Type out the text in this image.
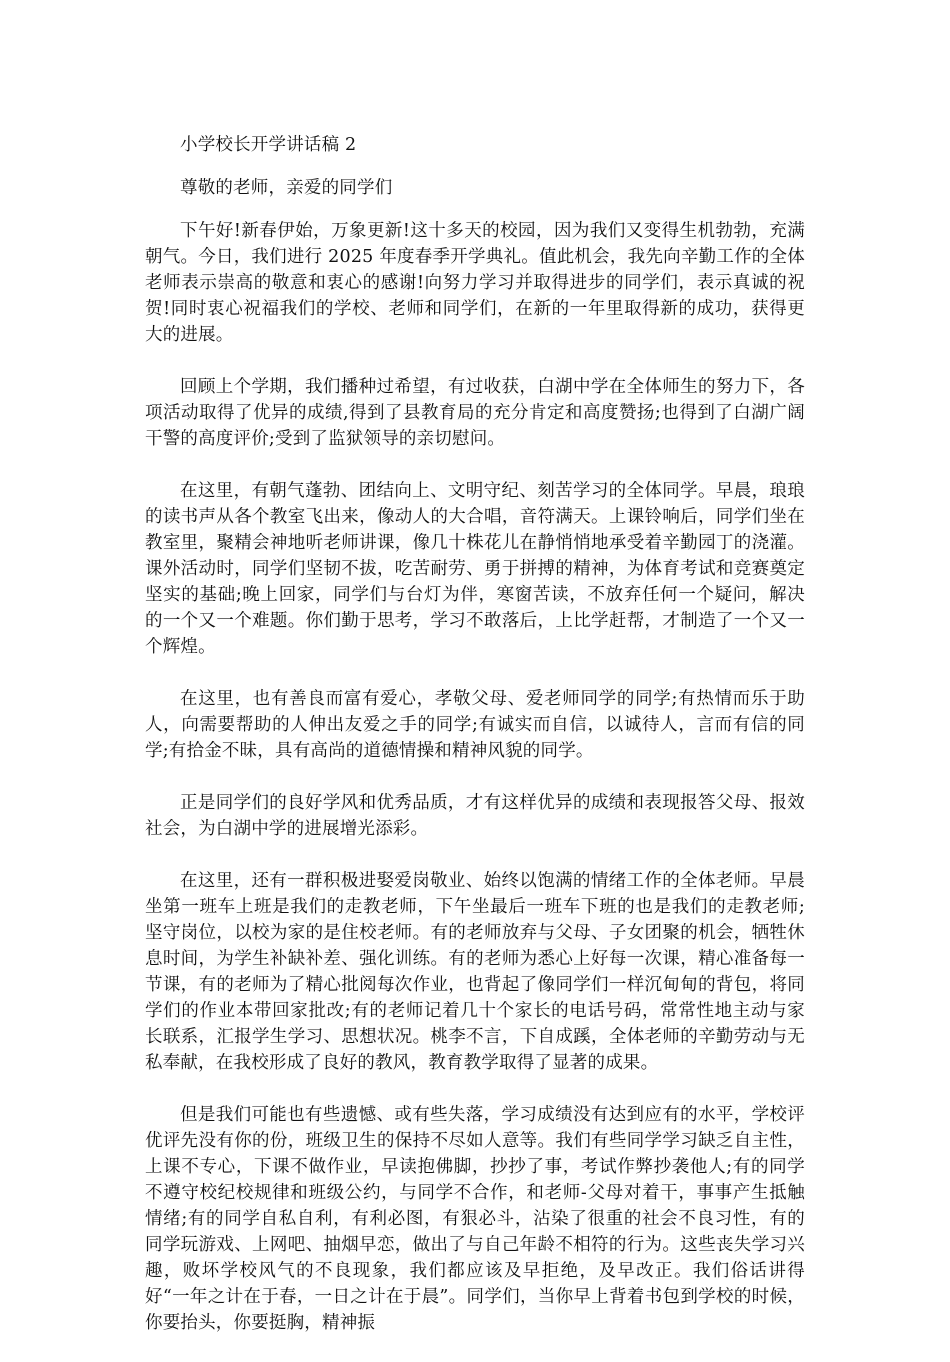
小学校长开学讲话稿 2

尊敬的老师，亲爱的同学们

下午好!新春伊始，万象更新!这十多天的校园，因为我们又变得生机勃勃，充满朝气。今日，我们进行 2025 年度春季开学典礼。值此机会，我先向辛勤工作的全体老师表示崇高的敬意和衷心的感谢!向努力学习并取得进步的同学们，表示真诚的祝贺!同时衷心祝福我们的学校、老师和同学们，在新的一年里取得新的成功，获得更大的进展。

回顾上个学期，我们播种过希望，有过收获，白湖中学在全体师生的努力下，各项活动取得了优异的成绩,得到了县教育局的充分肯定和高度赞扬;也得到了白湖广阔干警的高度评价;受到了监狱领导的亲切慰问。

在这里，有朝气蓬勃、团结向上、文明守纪、刻苦学习的全体同学。早晨，琅琅的读书声从各个教室飞出来，像动人的大合唱，音符满天。上课铃响后，同学们坐在教室里，聚精会神地听老师讲课，像几十株花儿在静悄悄地承受着辛勤园丁的浇灌。课外活动时，同学们坚韧不拔，吃苦耐劳、勇于拼搏的精神，为体育考试和竞赛奠定坚实的基础;晚上回家，同学们与台灯为伴，寒窗苦读，不放弃任何一个疑问，解决的一个又一个难题。你们勤于思考，学习不敢落后，上比学赶帮，才制造了一个又一个辉煌。

在这里，也有善良而富有爱心，孝敬父母、爱老师同学的同学;有热情而乐于助人，向需要帮助的人伸出友爱之手的同学;有诚实而自信，以诚待人，言而有信的同学;有拾金不昧，具有高尚的道德情操和精神风貌的同学。

正是同学们的良好学风和优秀品质，才有这样优异的成绩和表现报答父母、报效社会，为白湖中学的进展增光添彩。

在这里，还有一群积极进娶爱岗敬业、始终以饱满的情绪工作的全体老师。早晨坐第一班车上班是我们的走教老师，下午坐最后一班车下班的也是我们的走教老师;坚守岗位，以校为家的是住校老师。有的老师放弃与父母、子女团聚的机会，牺牲休息时间，为学生补缺补差、强化训练。有的老师为悉心上好每一次课，精心准备每一节课，有的老师为了精心批阅每次作业，也背起了像同学们一样沉甸甸的背包，将同学们的作业本带回家批改;有的老师记着几十个家长的电话号码，常常性地主动与家长联系，汇报学生学习、思想状况。桃李不言，下自成蹊，全体老师的辛勤劳动与无私奉献，在我校形成了良好的教风，教育教学取得了显著的成果。

但是我们可能也有些遗憾、或有些失落，学习成绩没有达到应有的水平，学校评优评先没有你的份，班级卫生的保持不尽如人意等。我们有些同学学习缺乏自主性，上课不专心，下课不做作业，早读抱佛脚，抄抄了事，考试作弊抄袭他人;有的同学不遵守校纪校规律和班级公约，与同学不合作，和老师-父母对着干，事事产生抵触情绪;有的同学自私自利，有利必图，有狠必斗，沾染了很重的社会不良习性，有的同学玩游戏、上网吧、抽烟早恋，做出了与自己年龄不相符的行为。这些丧失学习兴趣，败坏学校风气的不良现象，我们都应该及早拒绝，及早改正。我们俗话讲得好“一年之计在于春，一日之计在于晨”。同学们，当你早上背着书包到学校的时候，你要抬头，你要挺胸，精神振
